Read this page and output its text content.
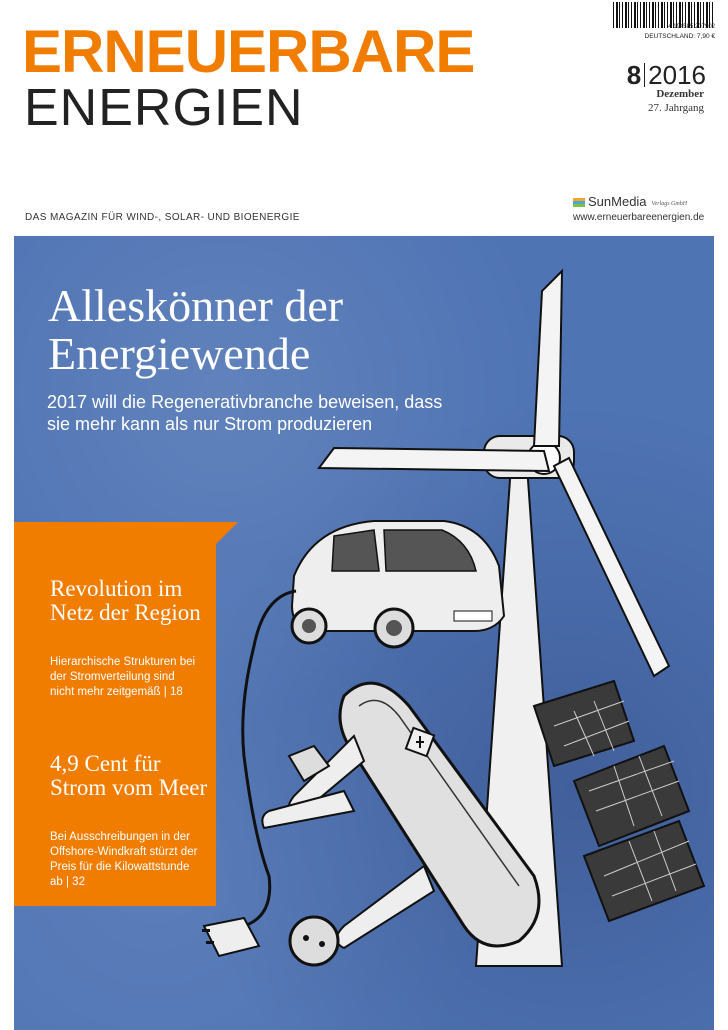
ERNEUERBARE
ENERGIEN
4 194585 207902
DEUTSCHLAND: 7,90 €
8 2016
Dezember
27. Jahrgang
DAS MAGAZIN FÜR WIND-, SOLAR- UND BIOENERGIE
SunMedia Verlags GmbH
www.erneuerbareenergien.de
Alleskönner der
Energiewende
2017 will die Regenerativbranche beweisen, dass sie mehr kann als nur Strom produzieren
Revolution im Netz der Region
Hierarchische Strukturen bei der Stromverteilung sind nicht mehr zeitgemäß | 18
4,9 Cent für Strom vom Meer
Bei Ausschreibungen in der Offshore-Windkraft stürzt der Preis für die Kilowattstunde ab | 32
